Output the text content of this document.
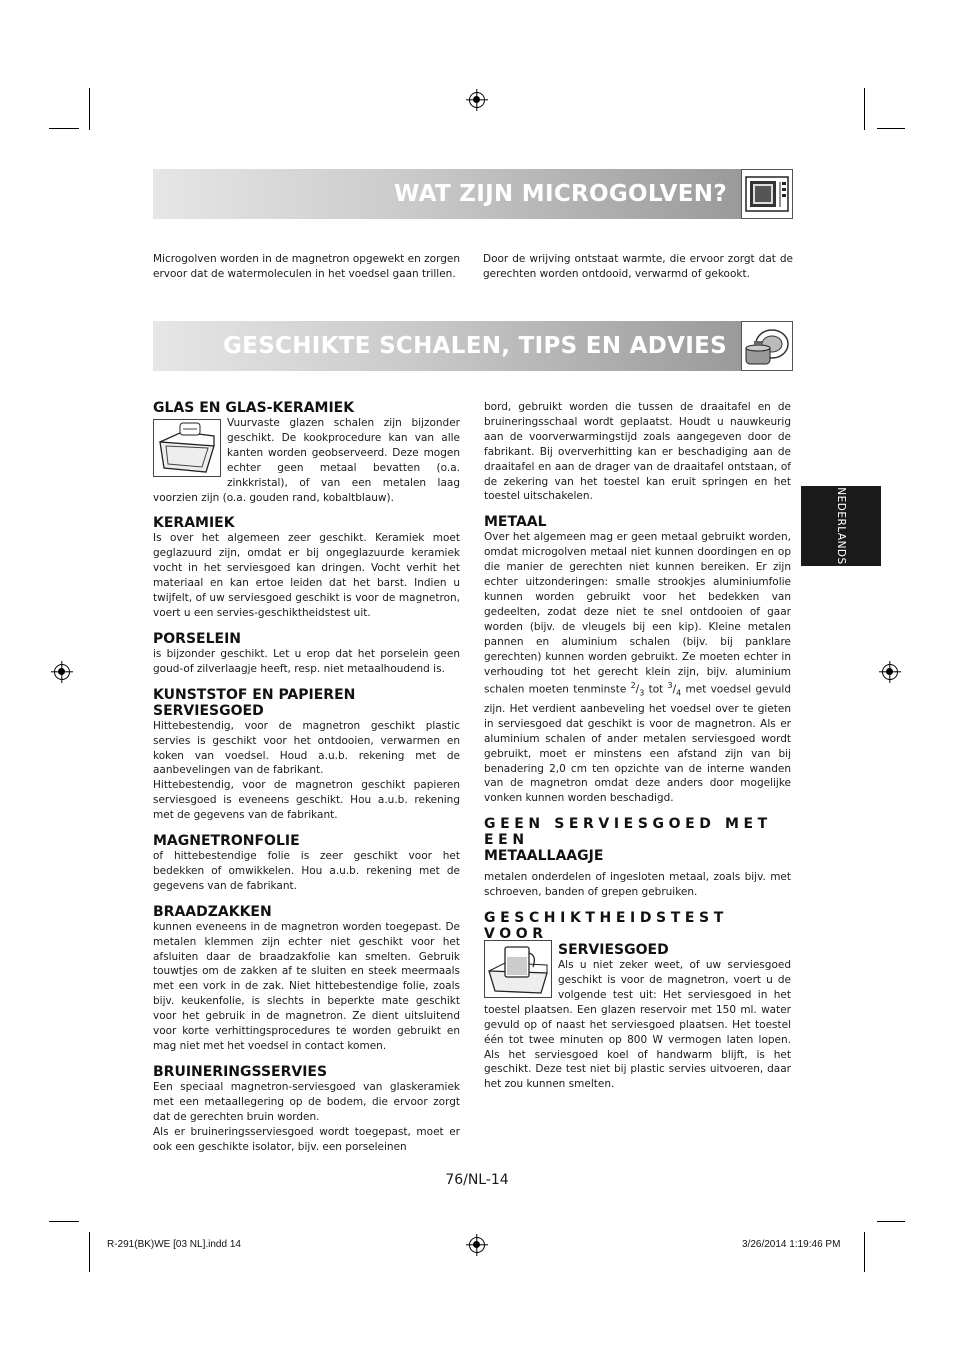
WAT ZIJN MICROGOLVEN?

Microgolven worden in de magnetron opgewekt en zorgen ervoor dat de watermoleculen in het voedsel gaan trillen.

Door de wrijving ontstaat warmte, die ervoor zorgt dat de gerechten worden ontdooid, verwarmd of gekookt.

GESCHIKTE SCHALEN, TIPS EN ADVIES
NEDERLANDS
GLAS EN GLAS-KERAMIEK

Vuurvaste glazen schalen zijn bijzonder geschikt. De kookprocedure kan van alle kanten worden geobserveerd. Deze mogen echter geen metaal bevatten (o.a. zinkkristal), of van een metalen laag voorzien zijn (o.a. gouden rand, kobaltblauw).

KERAMIEK

Is over het algemeen zeer geschikt. Keramiek moet geglazuurd zijn, omdat er bij ongeglazuurde keramiek vocht in het serviesgoed kan dringen. Vocht verhit het materiaal en kan ertoe leiden dat het barst. Indien u twijfelt, of uw serviesgoed geschikt is voor de magnetron, voert u een servies-geschiktheidstest uit.

PORSELEIN

is bijzonder geschikt. Let u erop dat het porselein geen goud-of zilverlaagje heeft, resp. niet metaalhoudend is.

KUNSTSTOF EN PAPIEREN SERVIESGOED

Hittebestendig, voor de magnetron geschikt plastic servies is geschikt voor het ontdooien, verwarmen en koken van voedsel. Houd a.u.b. rekening met de aanbevelingen van de fabrikant.

Hittebestendig, voor de magnetron geschikt papieren serviesgoed is eveneens geschikt. Hou a.u.b. rekening met de gegevens van de fabrikant.

MAGNETRONFOLIE

of hittebestendige folie is zeer geschikt voor het bedekken of omwikkelen. Hou a.u.b. rekening met de gegevens van de fabrikant.

BRAADZAKKEN

kunnen eveneens in de magnetron worden toegepast. De metalen klemmen zijn echter niet geschikt voor het afsluiten daar de braadzakfolie kan smelten. Gebruik touwtjes om de zakken af te sluiten en steek meermaals met een vork in de zak. Niet hittebestendige folie, zoals bijv. keukenfolie, is slechts in beperkte mate geschikt voor het gebruik in de magnetron. Ze dient uitsluitend voor korte verhittingsprocedures te worden gebruikt en mag niet met het voedsel in contact komen.

BRUINERINGSSERVIES

Een speciaal magnetron-serviesgoed van glaskeramiek met een metaallegering op de bodem, die ervoor zorgt dat de gerechten bruin worden.

Als er bruineringsserviesgoed wordt toegepast, moet er ook een geschikte isolator, bijv. een porseleinen

bord, gebruikt worden die tussen de draaitafel en de bruineringsschaal wordt geplaatst. Houdt u nauwkeurig aan de voorverwarmingstijd zoals aangegeven door de fabrikant. Bij oververhitting kan er beschadiging aan de draaitafel en aan de drager van de draaitafel ontstaan, of de zekering van het toestel kan eruit springen en het toestel uitschakelen.

METAAL

Over het algemeen mag er geen metaal gebruikt worden, omdat microgolven metaal niet kunnen doordingen en op die manier de gerechten niet kunnen bereiken. Er zijn echter uitzonderingen: smalle strookjes aluminiumfolie kunnen worden gebruikt voor het bedekken van gedeelten, zodat deze niet te snel ontdooien of gaar worden (bijv. de vleugels bij een kip). Kleine metalen pannen en aluminium schalen (bijv. bij panklare gerechten) kunnen worden gebruikt. Ze moeten echter in verhouding tot het gerecht klein zijn, bijv. aluminium schalen moeten tenminste $^2/_3$ tot $^3/_4$ met voedsel gevuld zijn. Het verdient aanbeveling het voedsel over te gieten in serviesgoed dat geschikt is voor de magnetron. Als er aluminium schalen of ander metalen serviesgoed wordt gebruikt, moet er minstens een afstand zijn van bij benadering 2,0 cm ten opzichte van de interne wanden van de magnetron omdat deze anders door mogelijke vonken kunnen worden beschadigd.

GEEN SERVIESGOED MET EEN
METAALLAAGJE

metalen onderdelen of ingesloten metaal, zoals bijv. met schroeven, banden of grepen gebruiken.

GESCHIKTHEIDSTEST VOOR
SERVIESGOED

Als u niet zeker weet, of uw serviesgoed geschikt is voor de magnetron, voert u de volgende test uit: Het serviesgoed in het toestel plaatsen. Een glazen reservoir met 150 ml. water gevuld op of naast het serviesgoed plaatsen. Het toestel één tot twee minuten op 800 W vermogen laten lopen. Als het serviesgoed koel of handwarm blijft, is het geschikt. Deze test niet bij plastic servies uitvoeren, daar het zou kunnen smelten.

76/NL-14
R-291(BK)WE [03 NL].indd 14	3/26/2014 1:19:46 PM
